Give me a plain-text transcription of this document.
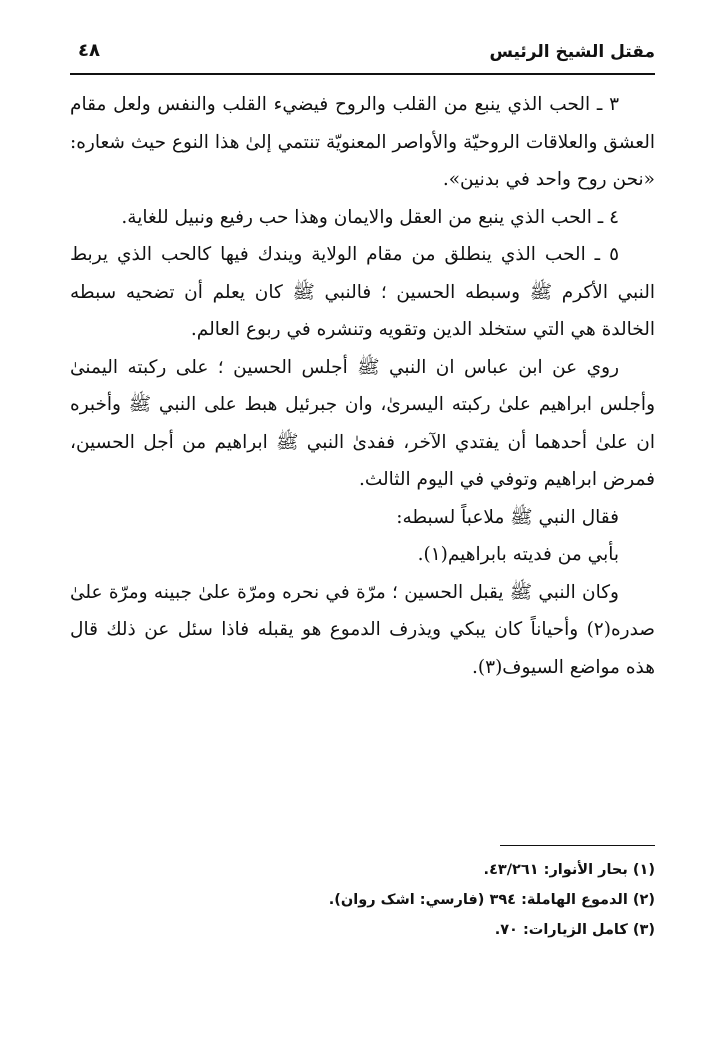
مقتل الشيخ الرئيس
٤٨

٣ ـ الحب الذي ينبع من القلب والروح فيضيء القلب والنفس ولعل مقام العشق والعلاقات الروحيّة والأواصر المعنويّة تنتمي إلىٰ هذا النوع حيث شعاره: «نحن روح واحد في بدنين».

٤ ـ الحب الذي ينبع من العقل والايمان وهذا حب رفيع ونبيل للغاية.

٥ ـ الحب الذي ينطلق من مقام الولاية ويندك فيها كالحب الذي يربط النبي الأكرم ﷺ وسبطه الحسين ؛ فالنبي ﷺ كان يعلم أن تضحيه سبطه الخالدة هي التي ستخلد الدين وتقويه وتنشره في ربوع العالم.

روي عن ابن عباس ان النبي ﷺ أجلس الحسين ؛ على ركبته اليمنىٰ وأجلس ابراهيم علىٰ ركبته اليسرىٰ، وان جبرئيل هبط على النبي ﷺ وأخبره ان علىٰ أحدهما أن يفتدي الآخر، ففدىٰ النبي ﷺ ابراهيم من أجل الحسين، فمرض ابراهيم وتوفي في اليوم الثالث.

فقال النبي ﷺ ملاعباً لسبطه:

بأبي من فديته بابراهيم(١).

وكان النبي ﷺ يقبل الحسين ؛ مرّة في نحره ومرّة علىٰ جبينه ومرّة علىٰ صدره(٢) وأحياناً كان يبكي ويذرف الدموع هو يقبله فاذا سئل عن ذلك قال هذه مواضع السيوف(٣).

(١) بحار الأنوار: ٤٣/٢٦١.

(٢) الدموع الهاملة: ٣٩٤ (فارسي: اشک روان).

(٣) كامل الزيارات: ٧٠.
